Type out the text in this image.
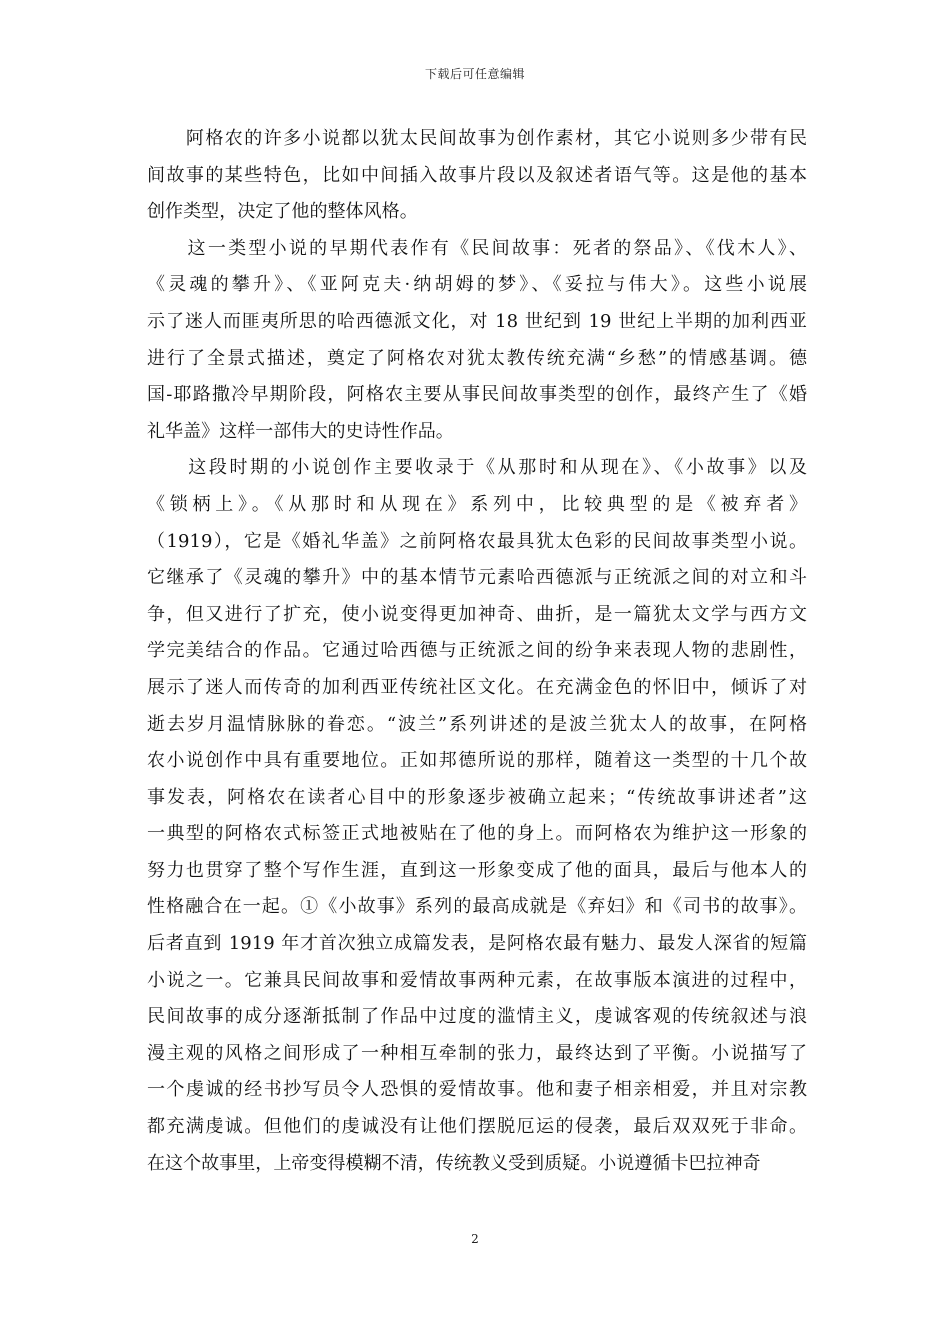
下载后可任意编辑
　　阿格农的许多小说都以犹太民间故事为创作素材，其它小说则多少带有民
间故事的某些特色，比如中间插入故事片段以及叙述者语气等。这是他的基本
创作类型，决定了他的整体风格。
　　这一类型小说的早期代表作有《民间故事：死者的祭品》、《伐木人》、
《灵魂的攀升》、《亚阿克夫·纳胡姆的梦》、《妥拉与伟大》。这些小说展
示了迷人而匪夷所思的哈西德派文化，对 18 世纪到 19 世纪上半期的加利西亚
进行了全景式描述，奠定了阿格农对犹太教传统充满“乡愁”的情感基调。德
国-耶路撒冷早期阶段，阿格农主要从事民间故事类型的创作，最终产生了《婚
礼华盖》这样一部伟大的史诗性作品。
　　这段时期的小说创作主要收录于《从那时和从现在》、《小故事》以及
《锁柄上》。《从那时和从现在》系列中，比较典型的是《被弃者》
（1919），它是《婚礼华盖》之前阿格农最具犹太色彩的民间故事类型小说。
它继承了《灵魂的攀升》中的基本情节元素哈西德派与正统派之间的对立和斗
争，但又进行了扩充，使小说变得更加神奇、曲折，是一篇犹太文学与西方文
学完美结合的作品。它通过哈西德与正统派之间的纷争来表现人物的悲剧性，
展示了迷人而传奇的加利西亚传统社区文化。在充满金色的怀旧中，倾诉了对
逝去岁月温情脉脉的眷恋。“波兰”系列讲述的是波兰犹太人的故事，在阿格
农小说创作中具有重要地位。正如邦德所说的那样，随着这一类型的十几个故
事发表，阿格农在读者心目中的形象逐步被确立起来；“传统故事讲述者”这
一典型的阿格农式标签正式地被贴在了他的身上。而阿格农为维护这一形象的
努力也贯穿了整个写作生涯，直到这一形象变成了他的面具，最后与他本人的
性格融合在一起。①《小故事》系列的最高成就是《弃妇》和《司书的故事》。
后者直到 1919 年才首次独立成篇发表，是阿格农最有魅力、最发人深省的短篇
小说之一。它兼具民间故事和爱情故事两种元素，在故事版本演进的过程中，
民间故事的成分逐渐抵制了作品中过度的滥情主义，虔诚客观的传统叙述与浪
漫主观的风格之间形成了一种相互牵制的张力，最终达到了平衡。小说描写了
一个虔诚的经书抄写员令人恐惧的爱情故事。他和妻子相亲相爱，并且对宗教
都充满虔诚。但他们的虔诚没有让他们摆脱厄运的侵袭，最后双双死于非命。
在这个故事里，上帝变得模糊不清，传统教义受到质疑。小说遵循卡巴拉神奇
2
